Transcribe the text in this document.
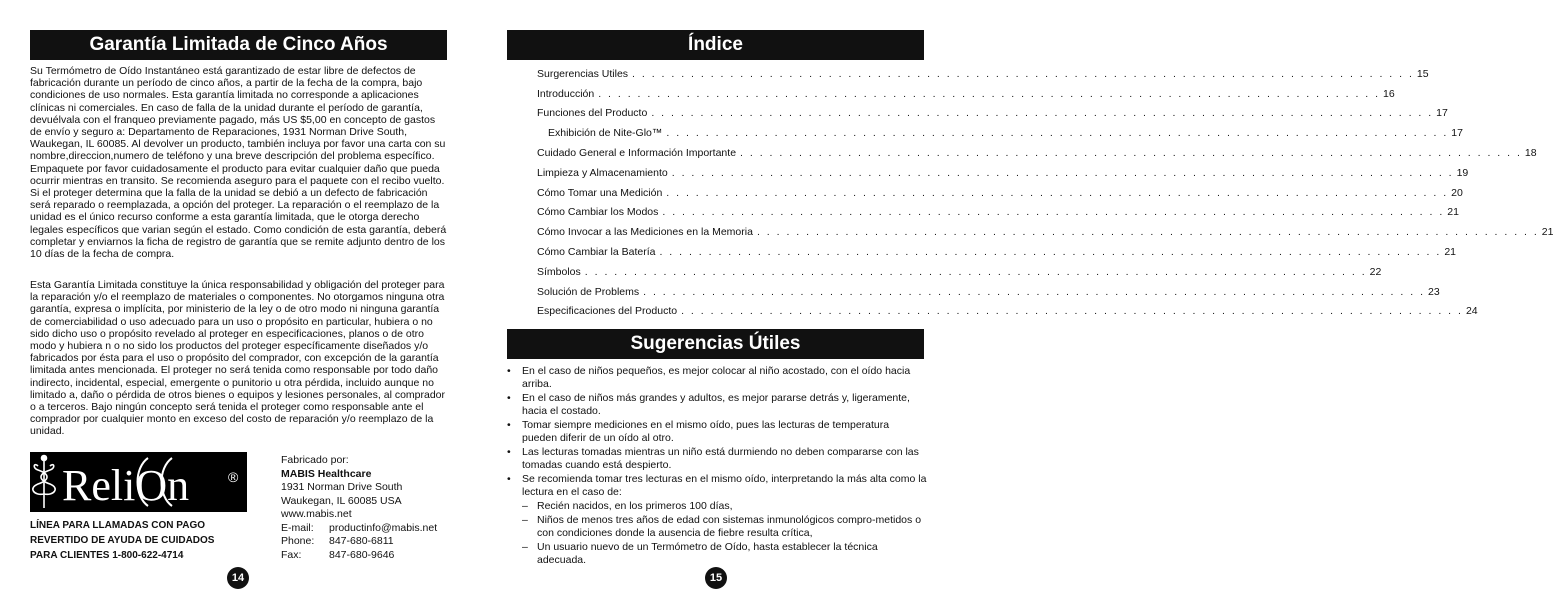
Garantía Limitada de Cinco Años

Su Termómetro de Oído Instantáneo está garantizado de estar libre de defectos de fabricación durante un período de cinco años, a partir de la fecha de la compra, bajo condiciones de uso normales. Esta garantía limitada no corresponde a aplicaciones clínicas ni comerciales. En caso de falla de la unidad durante el período de garantía, devuélvala con el franqueo previamente pagado, más US $5,00 en concepto de gastos de envío y seguro a: Departamento de Reparaciones, 1931 Norman Drive South, Waukegan, IL 60085. Al devolver un producto, también incluya por favor una carta con su nombre,direccion,numero de teléfono y una breve descripción del problema específico. Empaquete por favor cuidadosamente el producto para evitar cualquier daño que pueda ocurrir mientras en transito. Se recomienda aseguro para el paquete con el recibo vuelto. Si el proteger determina que la falla de la unidad se debió a un defecto de fabricación será reparado o reemplazada, a opción del proteger. La reparación o el reemplazo de la unidad es el único recurso conforme a esta garantía limitada, que le otorga derecho legales específicos que varian según el estado. Como condición de esta garantía, deberá completar y enviarnos la ficha de registro de garantía que se remite adjunto dentro de los 10 días de la fecha de compra.

Esta Garantía Limitada constituye la única responsabilidad y obligación del proteger para la reparación y/o el reemplazo de materiales o componentes. No otorgamos ninguna otra garantía, expresa o implícita, por ministerio de la ley o de otro modo ni ninguna garantía de comerciabilidad o uso adecuado para un uso o propósito en particular, hubiera o no sido dicho uso o propósito revelado al proteger en especificaciones, planos o de otro modo y hubiera n o no sido los productos del proteger específicamente diseñados y/o fabricados por ésta para el uso o propósito del comprador, con excepción de la garantía limitada antes mencionada. El proteger no será tenida como responsable por todo daño indirecto, incidental, especial, emergente o punitorio u otra pérdida, incluido aunque no limitado a, daño o pérdida de otros bienes o equipos y lesiones personales, al comprador o a terceros. Bajo ningún concepto será tenida el proteger como responsable ante el comprador por cualquier monto en exceso del costo de reparación y/o reemplazo de la unidad.

ReliOn	®
LÍNEA PARA LLAMADAS CON PAGO
REVERTIDO DE AYUDA DE CUIDADOS
PARA CLIENTES 1-800-622-4714
Fabricado por:
MABIS Healthcare
1931 Norman Drive South
Waukegan, IL 60085 USA
www.mabis.net
E-mail:	productinfo@mabis.net
Phone:	847-680-6811
Fax:	847-680-9646
14
Índice
Surgerencias Utiles . . . . . . . . . . . . . . . . . . . . . . . . . . . . . . . . . . . . . . . . . . . . . . . . . . . . . . . . . . . . . . . . . . . . . . . . . . . . . . . . 15
Introducción . . . . . . . . . . . . . . . . . . . . . . . . . . . . . . . . . . . . . . . . . . . . . . . . . . . . . . . . . . . . . . . . . . . . . . . . . . . . . . . . 16
Funciones del Producto . . . . . . . . . . . . . . . . . . . . . . . . . . . . . . . . . . . . . . . . . . . . . . . . . . . . . . . . . . . . . . . . . . . . . . . . . . . . . . . . 17
Exhibición de Nite-Glo™ . . . . . . . . . . . . . . . . . . . . . . . . . . . . . . . . . . . . . . . . . . . . . . . . . . . . . . . . . . . . . . . . . . . . . . . . . . . . . . . . 17
Cuidado General e Información Importante . . . . . . . . . . . . . . . . . . . . . . . . . . . . . . . . . . . . . . . . . . . . . . . . . . . . . . . . . . . . . . . . . . . . . . . . . . . . . . . . 18
Limpieza y Almacenamiento . . . . . . . . . . . . . . . . . . . . . . . . . . . . . . . . . . . . . . . . . . . . . . . . . . . . . . . . . . . . . . . . . . . . . . . . . . . . . . . . 19
Cómo Tomar una Medición . . . . . . . . . . . . . . . . . . . . . . . . . . . . . . . . . . . . . . . . . . . . . . . . . . . . . . . . . . . . . . . . . . . . . . . . . . . . . . . . 20
Cómo Cambiar los Modos . . . . . . . . . . . . . . . . . . . . . . . . . . . . . . . . . . . . . . . . . . . . . . . . . . . . . . . . . . . . . . . . . . . . . . . . . . . . . . . . 21
Cómo Invocar a las Mediciones en la Memoria . . . . . . . . . . . . . . . . . . . . . . . . . . . . . . . . . . . . . . . . . . . . . . . . . . . . . . . . . . . . . . . . . . . . . . . . . . . . . . . . 21
Cómo Cambiar la Batería . . . . . . . . . . . . . . . . . . . . . . . . . . . . . . . . . . . . . . . . . . . . . . . . . . . . . . . . . . . . . . . . . . . . . . . . . . . . . . . . 21
Símbolos . . . . . . . . . . . . . . . . . . . . . . . . . . . . . . . . . . . . . . . . . . . . . . . . . . . . . . . . . . . . . . . . . . . . . . . . . . . . . . . . 22
Solución de Problems . . . . . . . . . . . . . . . . . . . . . . . . . . . . . . . . . . . . . . . . . . . . . . . . . . . . . . . . . . . . . . . . . . . . . . . . . . . . . . . . 23
Especificaciones del Producto . . . . . . . . . . . . . . . . . . . . . . . . . . . . . . . . . . . . . . . . . . . . . . . . . . . . . . . . . . . . . . . . . . . . . . . . . . . . . . . . 24
Sugerencias Útiles
• En el caso de niños pequeños, es mejor colocar al niño acostado, con el oído hacia arriba.
• En el caso de niños más grandes y adultos, es mejor pararse detrás y, ligeramente, hacia el costado.
• Tomar siempre mediciones en el mismo oído, pues las lecturas de temperatura pueden diferir de un oído al otro.
• Las lecturas tomadas mientras un niño está durmiendo no deben compararse con las tomadas cuando está despierto.
• Se recomienda tomar tres lecturas en el mismo oído, interpretando la más alta como la lectura en el caso de:
– Recién nacidos, en los primeros 100 días,
– Niños de menos tres años de edad con sistemas inmunológicos compro-metidos o con condiciones donde la ausencia de fiebre resulta crítica,
– Un usuario nuevo de un Termómetro de Oído, hasta establecer la técnica adecuada.
15
